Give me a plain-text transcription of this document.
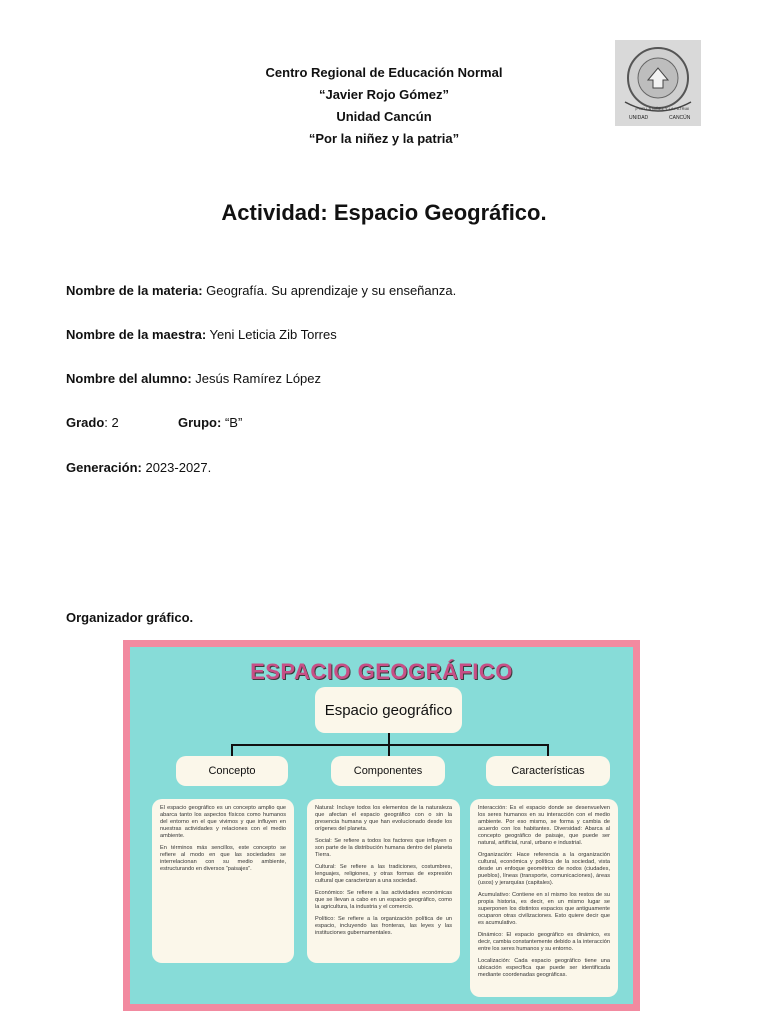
Centro Regional de Educación Normal
“Javier Rojo Gómez”
Unidad Cancún
“Por la niñez y la patria”
UNIDAD	CANCÚN
¡POR LA NIÑEZ Y LA PATRIA!
Actividad: Espacio Geográfico.
Nombre de la materia: Geografía. Su aprendizaje y su enseñanza.
Nombre de la maestra: Yeni Leticia Zib Torres
Nombre del alumno: Jesús Ramírez López
Grado: 2	Grupo: “B”
Generación: 2023-2027.
Organizador gráfico.
ESPACIO GEOGRÁFICO
Espacio geográfico
Concepto	Componentes	Características

El espacio geográfico es un concepto amplio que abarca tanto los aspectos físicos como humanos del entorno en el que vivimos y que influyen en nuestras actividades y relaciones con el medio ambiente.

En términos más sencillos, este concepto se refiere al modo en que las sociedades se interrelacionan con su medio ambiente, estructurando en diversos “paisajes”.

Natural: Incluye todos los elementos de la naturaleza que afectan el espacio geográfico con o sin la presencia humana y que han evolucionado desde los orígenes del planeta.

Social: Se refiere a todos los factores que influyen o son parte de la distribución humana dentro del planeta Tierra.

Cultural: Se refiere a las tradiciones, costumbres, lenguajes, religiones, y otras formas de expresión cultural que caracterizan a una sociedad.

Económico: Se refiere a las actividades económicas que se llevan a cabo en un espacio geográfico, como la agricultura, la industria y el comercio.

Político: Se refiere a la organización política de un espacio, incluyendo las fronteras, las leyes y las instituciones gubernamentales.

Interacción: Es el espacio donde se desenvuelven los seres humanos en su interacción con el medio ambiente. Por eso mismo, se forma y cambia de acuerdo con los habitantes. Diversidad: Abarca al concepto geográfico de paisaje, que puede ser natural, artificial, rural, urbano e industrial.

Organización: Hace referencia a la organización cultural, económica y política de la sociedad, vista desde un enfoque geométrico de nodos (ciudades, pueblos), líneas (transporte, comunicaciones), áreas (usos) y jerarquías (capitales).

Acumulativo: Contiene en sí mismo los restos de su propia historia, es decir, en un mismo lugar se superponen los distintos espacios que antiguamente ocuparon otras civilizaciones. Esto quiere decir que es acumulativo.

Dinámico: El espacio geográfico es dinámico, es decir, cambia constantemente debido a la interacción entre los seres humanos y su entorno.

Localización: Cada espacio geográfico tiene una ubicación específica que puede ser identificada mediante coordenadas geográficas.
